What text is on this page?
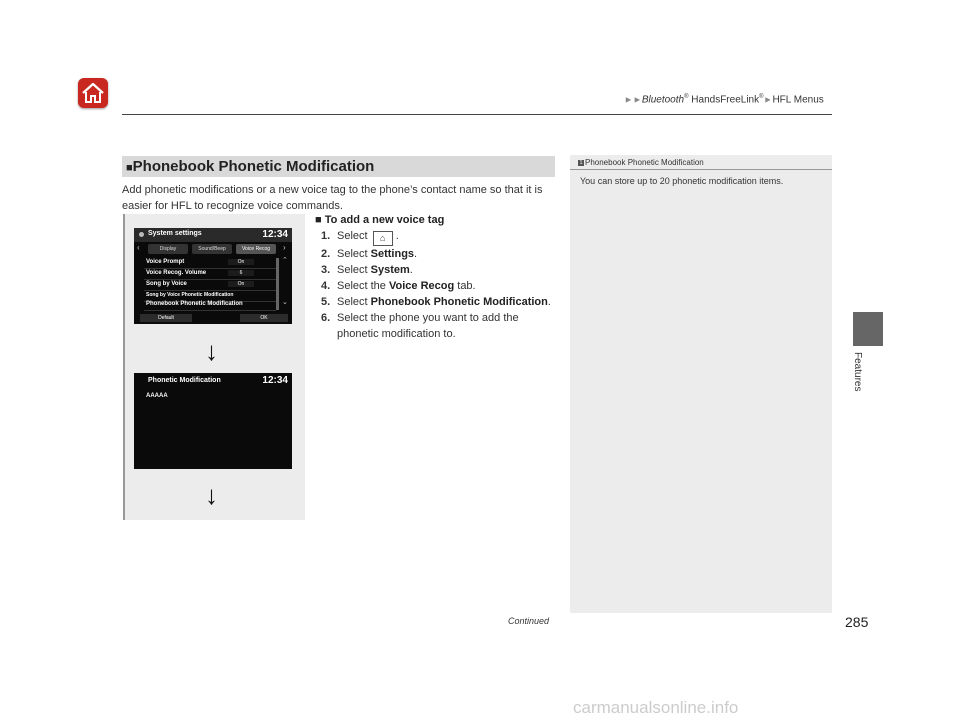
►►Bluetooth® HandsFreeLink®►HFL Menus
Features
■Phonebook Phonetic Modification
Add phonetic modifications or a new voice tag to the phone’s contact name so that it is easier for HFL to recognize voice commands.
System settings	12:34
‹	Display	Sound/Beep	Voice Recog	›
Voice Prompt	On
Voice Recog. Volume	6
Song by Voice	On
Song by Voice Phonetic Modification
Phonebook Phonetic Modification
⌃
⌄
Default	OK
↓
Phonetic Modification	12:34
AAAAA
↓
■ To add a new voice tag
1. Select ⌂ .
2. Select Settings.
3. Select System.
4. Select the Voice Recog tab.
5. Select Phonebook Phonetic Modification.
6. Select the phone you want to add the phonetic modification to.
1 Phonebook Phonetic Modification
You can store up to 20 phonetic modification items.
Continued	285
carmanualsonline.info
